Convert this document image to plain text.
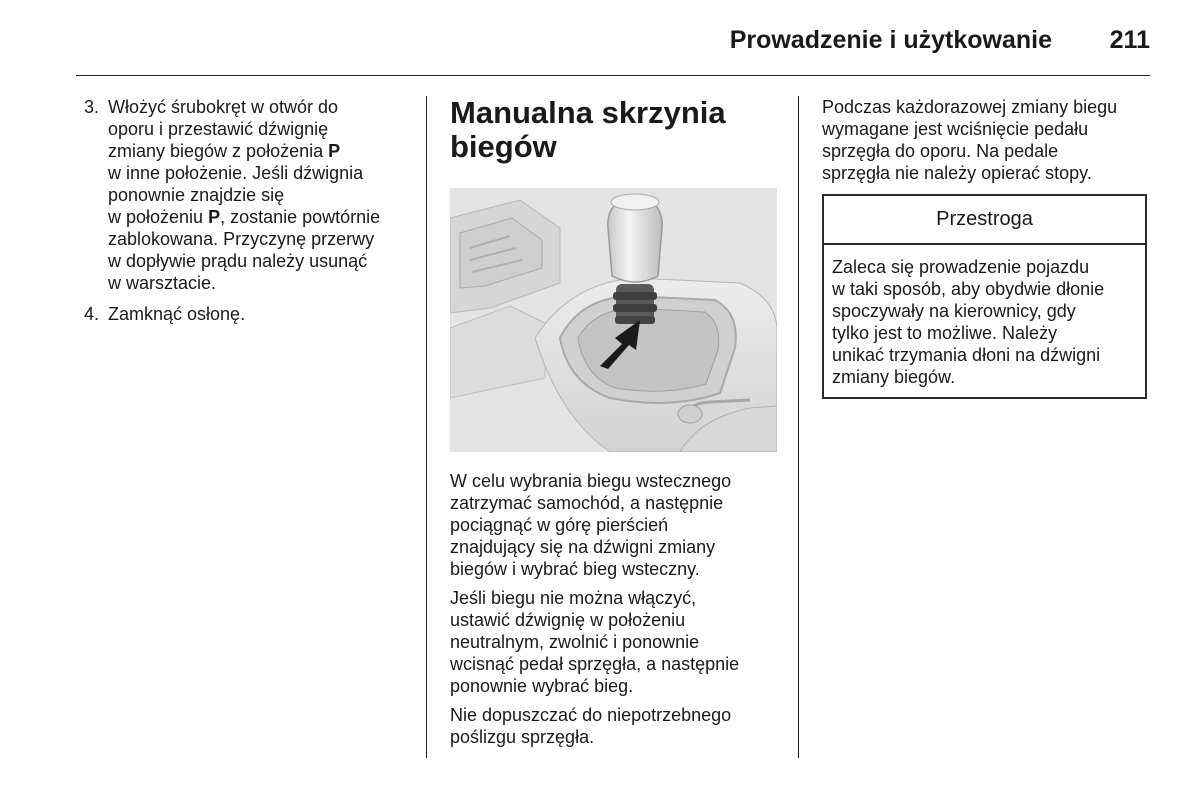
Prowadzenie i użytkowanie 211
3. Włożyć śrubokręt w otwór do

oporu i przestawić dźwignię

zmiany biegów z położenia P

w inne położenie. Jeśli dźwignia

ponownie znajdzie się

w położeniu P, zostanie powtórnie

zablokowana. Przyczynę przerwy

w dopływie prądu należy usunąć

w warsztacie.

4. Zamknąć osłonę.

Manualna skrzynia
biegów

W celu wybrania biegu wstecznego
zatrzymać samochód, a następnie
pociągnąć w górę pierścień
znajdujący się na dźwigni zmiany
biegów i wybrać bieg wsteczny.

Jeśli biegu nie można włączyć,
ustawić dźwignię w położeniu
neutralnym, zwolnić i ponownie
wcisnąć pedał sprzęgła, a następnie
ponownie wybrać bieg.

Nie dopuszczać do niepotrzebnego
poślizgu sprzęgła.

Podczas każdorazowej zmiany biegu
wymagane jest wciśnięcie pedału
sprzęgła do oporu. Na pedale
sprzęgła nie należy opierać stopy.

Przestroga

Zaleca się prowadzenie pojazdu
w taki sposób, aby obydwie dłonie
spoczywały na kierownicy, gdy
tylko jest to możliwe. Należy
unikać trzymania dłoni na dźwigni
zmiany biegów.
